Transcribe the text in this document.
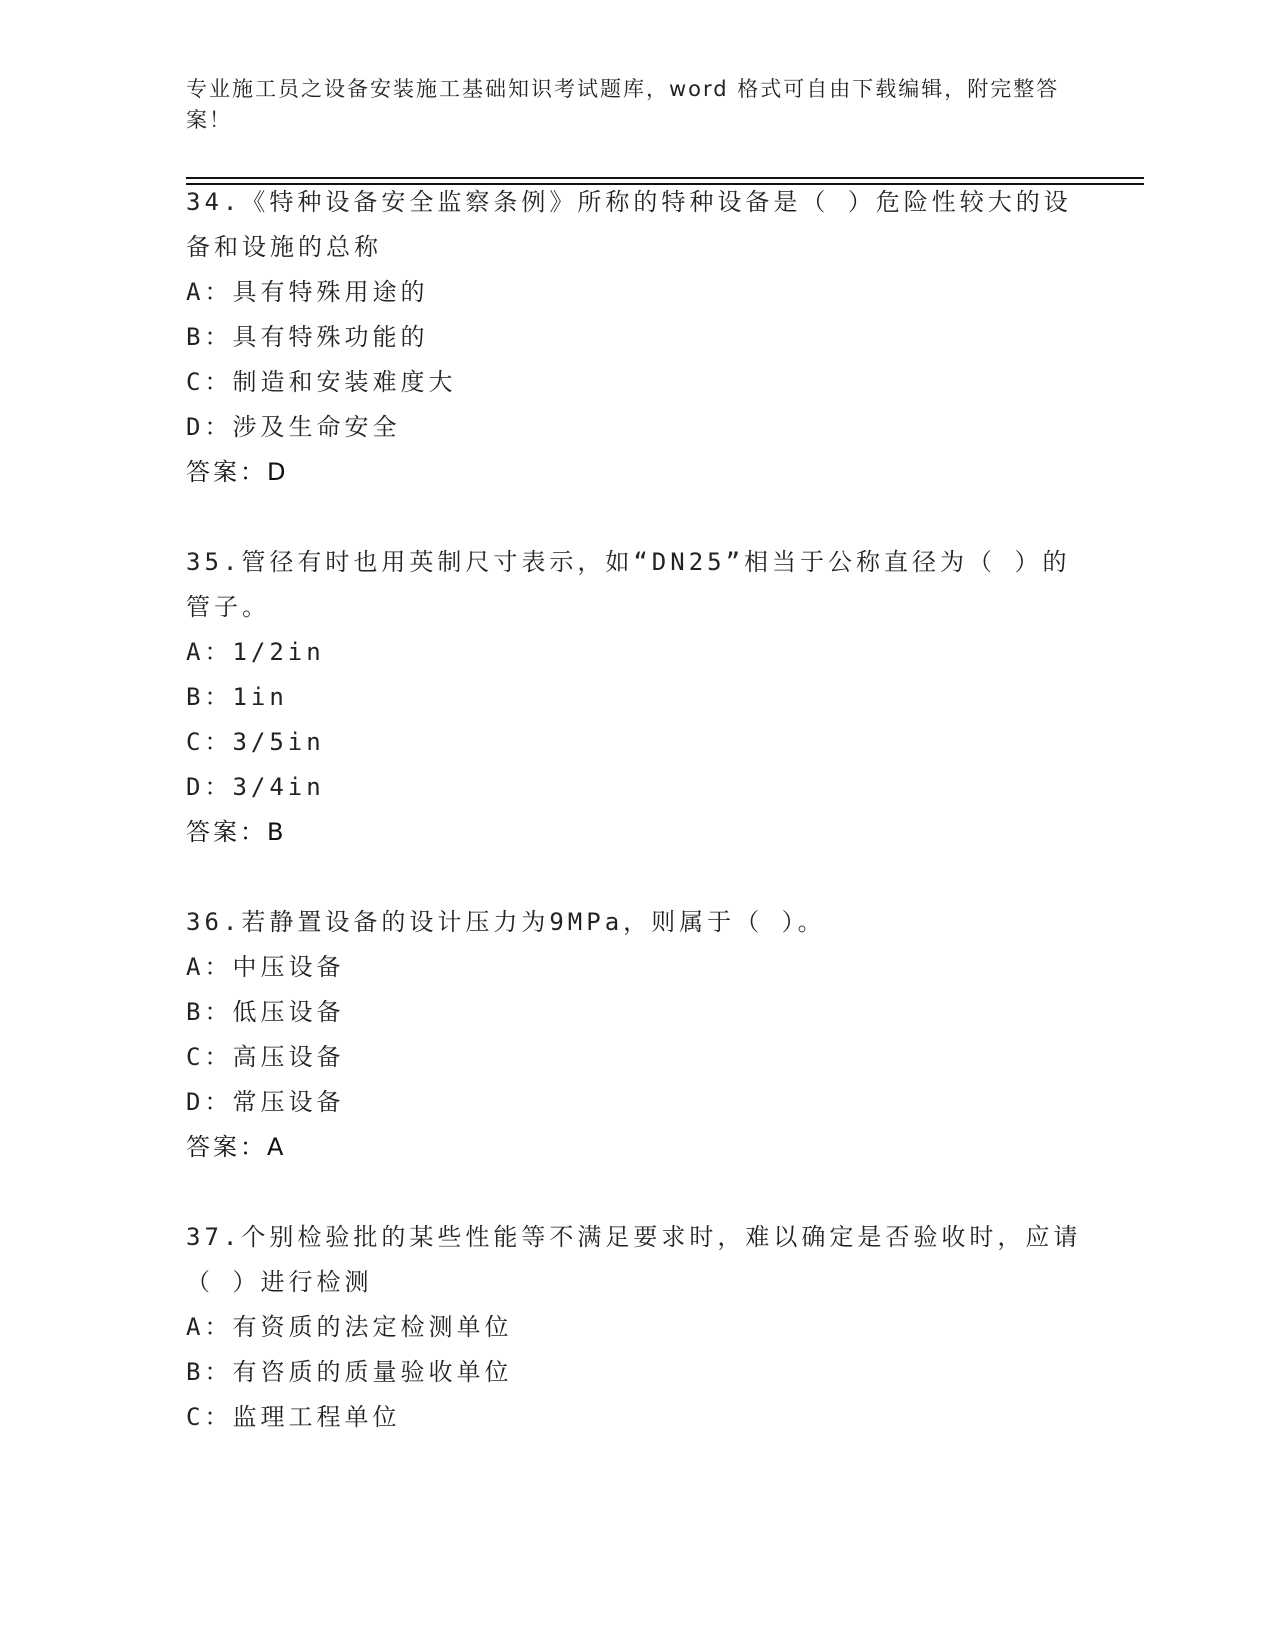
专业施工员之设备安装施工基础知识考试题库，word 格式可自由下载编辑，附完整答案！

34.《特种设备安全监察条例》所称的特种设备是（ ）危险性较大的设备和设施的总称

A：具有特殊用途的

B：具有特殊功能的

C：制造和安装难度大

D：涉及生命安全

答案：D

35.管径有时也用英制尺寸表示，如“DN25”相当于公称直径为（ ）的管子。

A：1/2in

B：1in

C：3/5in

D：3/4in

答案：B

36.若静置设备的设计压力为9MPa，则属于（ ）。

A：中压设备

B：低压设备

C：高压设备

D：常压设备

答案：A

37.个别检验批的某些性能等不满足要求时，难以确定是否验收时，应请（ ）进行检测

A：有资质的法定检测单位

B：有咨质的质量验收单位

C：监理工程单位
